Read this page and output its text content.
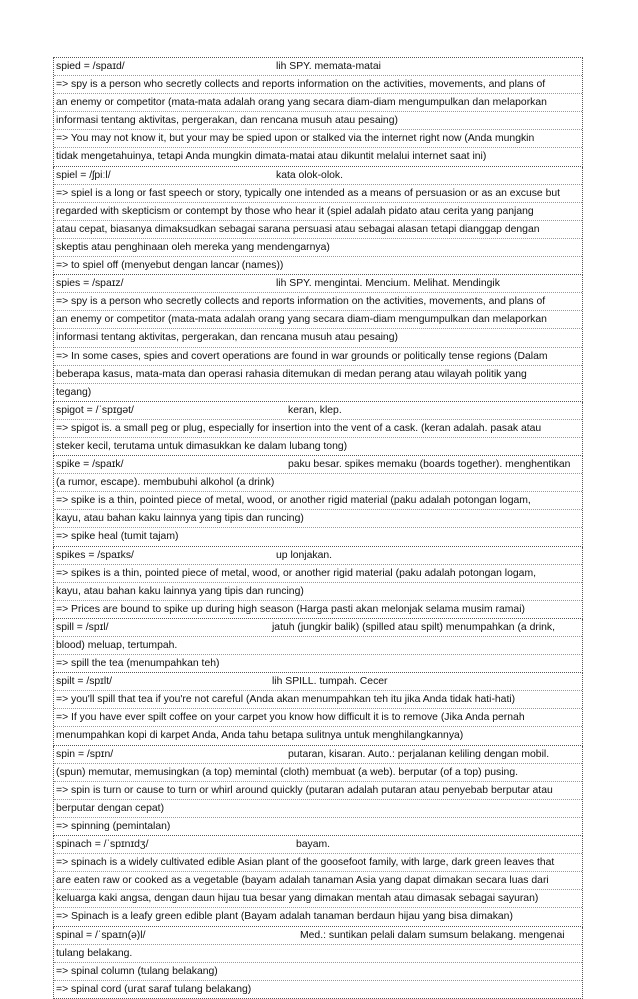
spied = /spaɪd/	lih SPY. memata-matai
=> spy is a person who secretly collects and reports information on the activities, movements, and plans of
an enemy or competitor (mata-mata adalah orang yang secara diam-diam mengumpulkan dan melaporkan
informasi tentang aktivitas, pergerakan, dan rencana musuh atau pesaing)
=> You may not know it, but your may be spied upon or stalked via the internet right now (Anda mungkin
tidak mengetahuinya, tetapi Anda mungkin dimata-matai atau dikuntit melalui internet saat ini)
spiel = /ʃpiːl/	kata olok-olok.
=> spiel is a long or fast speech or story, typically one intended as a means of persuasion or as an excuse but
regarded with skepticism or contempt by those who hear it (spiel adalah pidato atau cerita yang panjang
atau cepat, biasanya dimaksudkan sebagai sarana persuasi atau sebagai alasan tetapi dianggap dengan
skeptis atau penghinaan oleh mereka yang mendengarnya)
=> to spiel off (menyebut dengan lancar (names))
spies = /spaɪz/	lih SPY. mengintai. Mencium. Melihat. Mendingik
=> spy is a person who secretly collects and reports information on the activities, movements, and plans of
an enemy or competitor (mata-mata adalah orang yang secara diam-diam mengumpulkan dan melaporkan
informasi tentang aktivitas, pergerakan, dan rencana musuh atau pesaing)
=> In some cases, spies and covert operations are found in war grounds or politically tense regions (Dalam
beberapa kasus, mata-mata dan operasi rahasia ditemukan di medan perang atau wilayah politik yang
tegang)
spigot = /ˈspɪɡət/	keran, klep.
=> spigot is. a small peg or plug, especially for insertion into the vent of a cask. (keran adalah. pasak atau
steker kecil, terutama untuk dimasukkan ke dalam lubang tong)
spike = /spaɪk/	paku besar. spikes memaku (boards together). menghentikan
(a rumor, escape). membubuhi alkohol (a drink)
=> spike is a thin, pointed piece of metal, wood, or another rigid material (paku adalah potongan logam,
kayu, atau bahan kaku lainnya yang tipis dan runcing)
=> spike heal (tumit tajam)
spikes = /spaɪks/	up lonjakan.
=> spikes is a thin, pointed piece of metal, wood, or another rigid material (paku adalah potongan logam,
kayu, atau bahan kaku lainnya yang tipis dan runcing)
=> Prices are bound to spike up during high season (Harga pasti akan melonjak selama musim ramai)
spill = /spɪl/	jatuh (jungkir balik) (spilled atau spilt) menumpahkan (a drink,
blood) meluap, tertumpah.
=> spill the tea (menumpahkan teh)
spilt = /spɪlt/	lih SPILL. tumpah. Cecer
=> you'll spill that tea if you're not careful (Anda akan menumpahkan teh itu jika Anda tidak hati-hati)
=> If you have ever spilt coffee on your carpet you know how difficult it is to remove (Jika Anda pernah
menumpahkan kopi di karpet Anda, Anda tahu betapa sulitnya untuk menghilangkannya)
spin = /spɪn/	putaran, kisaran. Auto.: perjalanan keliling dengan mobil.
(spun) memutar, memusingkan (a top) memintal (cloth) membuat (a web). berputar (of a top) pusing.
=> spin is turn or cause to turn or whirl around quickly (putaran adalah putaran atau penyebab berputar atau
berputar dengan cepat)
=> spinning (pemintalan)
spinach = /ˈspɪnɪdʒ/	bayam.
=> spinach is a widely cultivated edible Asian plant of the goosefoot family, with large, dark green leaves that
are eaten raw or cooked as a vegetable (bayam adalah tanaman Asia yang dapat dimakan secara luas dari
keluarga kaki angsa, dengan daun hijau tua besar yang dimakan mentah atau dimasak sebagai sayuran)
=> Spinach is a leafy green edible plant (Bayam adalah tanaman berdaun hijau yang bisa dimakan)
spinal = /ˈspaɪn(ə)l/	Med.: suntikan pelali dalam sumsum belakang. mengenai
tulang belakang.
=> spinal column (tulang belakang)
=> spinal cord (urat saraf tulang belakang)
